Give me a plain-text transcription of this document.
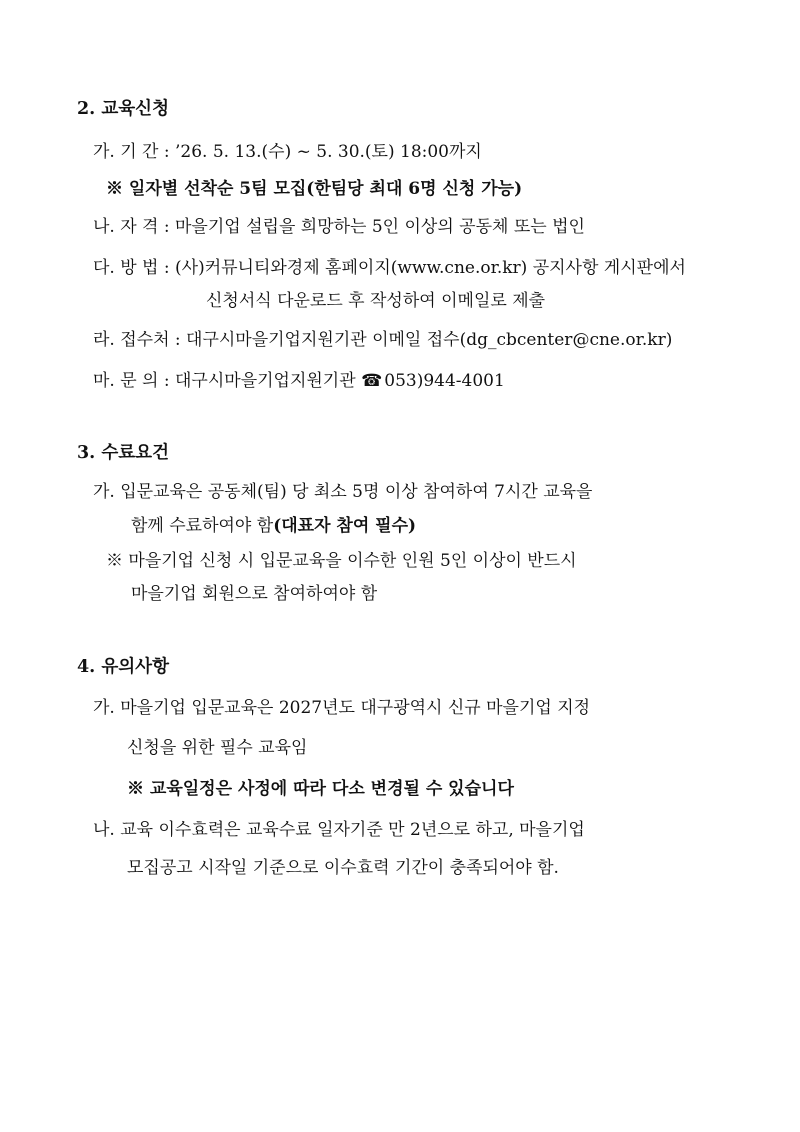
2. 교육신청
가. 기 간 : ’26. 5. 13.(수) ~ 5. 30.(토) 18:00까지
※ 일자별 선착순 5팀 모집(한팀당 최대 6명 신청 가능)
나. 자 격 : 마을기업 설립을 희망하는 5인 이상의 공동체 또는 법인
다. 방 법 : (사)커뮤니티와경제 홈페이지(www.cne.or.kr) 공지사항 게시판에서
신청서식 다운로드 후 작성하여 이메일로 제출
라. 접수처 : 대구시마을기업지원기관 이메일 접수(dg_cbcenter@cne.or.kr)
마. 문 의 : 대구시마을기업지원기관 ☎ 053)944-4001
3. 수료요건
가. 입문교육은 공동체(팀) 당 최소 5명 이상 참여하여 7시간 교육을
함께 수료하여야 함(대표자 참여 필수)
※ 마을기업 신청 시 입문교육을 이수한 인원 5인 이상이 반드시
마을기업 회원으로 참여하여야 함
4. 유의사항
가. 마을기업 입문교육은 2027년도 대구광역시 신규 마을기업 지정
신청을 위한 필수 교육임
※ 교육일정은 사정에 따라 다소 변경될 수 있습니다
나. 교육 이수효력은 교육수료 일자기준 만 2년으로 하고, 마을기업
모집공고 시작일 기준으로 이수효력 기간이 충족되어야 함.
